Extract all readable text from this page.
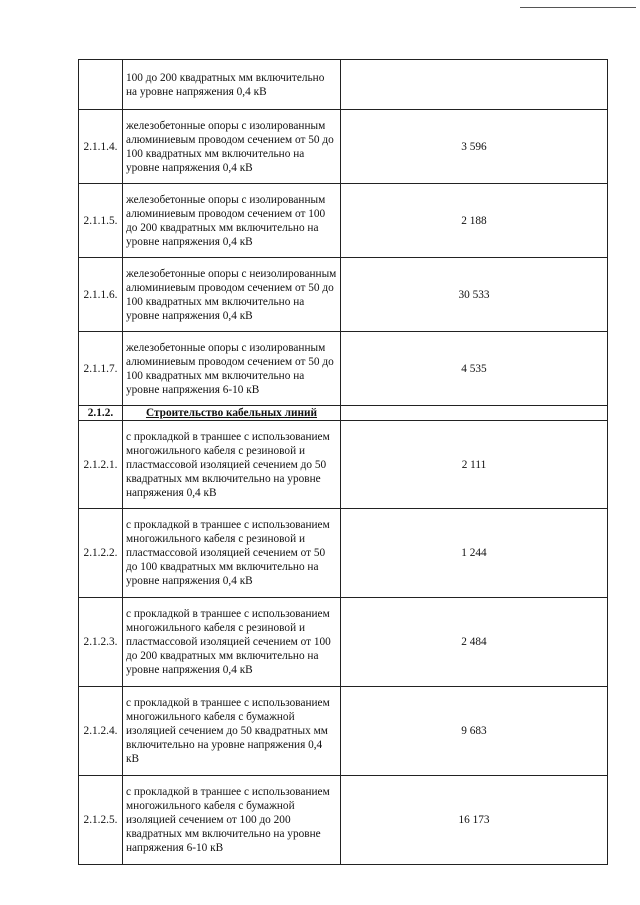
	100 до 200 квадратных мм включительно на уровне напряжения 0,4 кВ	
2.1.1.4.	железобетонные опоры с изолированным алюминиевым проводом сечением от 50 до 100 квадратных мм включительно на уровне напряжения 0,4 кВ	3 596
2.1.1.5.	железобетонные опоры с изолированным алюминиевым проводом сечением от 100 до 200 квадратных мм включительно на уровне напряжения 0,4 кВ	2 188
2.1.1.6.	железобетонные опоры с неизолированным алюминиевым проводом сечением от 50 до 100 квадратных мм включительно на уровне напряжения 0,4 кВ	30 533
2.1.1.7.	железобетонные опоры с изолированным алюминиевым проводом сечением от 50 до 100 квадратных мм включительно на уровне напряжения 6-10 кВ	4 535
2.1.2.	Строительство кабельных линий	
2.1.2.1.	с прокладкой в траншее с использованием многожильного кабеля с резиновой и пластмассовой изоляцией сечением до 50 квадратных мм включительно на уровне напряжения 0,4 кВ	2 111
2.1.2.2.	с прокладкой в траншее с использованием многожильного кабеля с резиновой и пластмассовой изоляцией сечением от 50 до 100 квадратных мм включительно на уровне напряжения 0,4 кВ	1 244
2.1.2.3.	с прокладкой в траншее с использованием многожильного кабеля с резиновой и пластмассовой изоляцией сечением от 100 до 200 квадратных мм включительно на уровне напряжения 0,4 кВ	2 484
2.1.2.4.	с прокладкой в траншее с использованием многожильного кабеля с бумажной изоляцией сечением до 50 квадратных мм включительно на уровне напряжения 0,4 кВ	9 683
2.1.2.5.	с прокладкой в траншее с использованием многожильного кабеля с бумажной изоляцией сечением от 100 до 200 квадратных мм включительно на уровне напряжения 6-10 кВ	16 173
